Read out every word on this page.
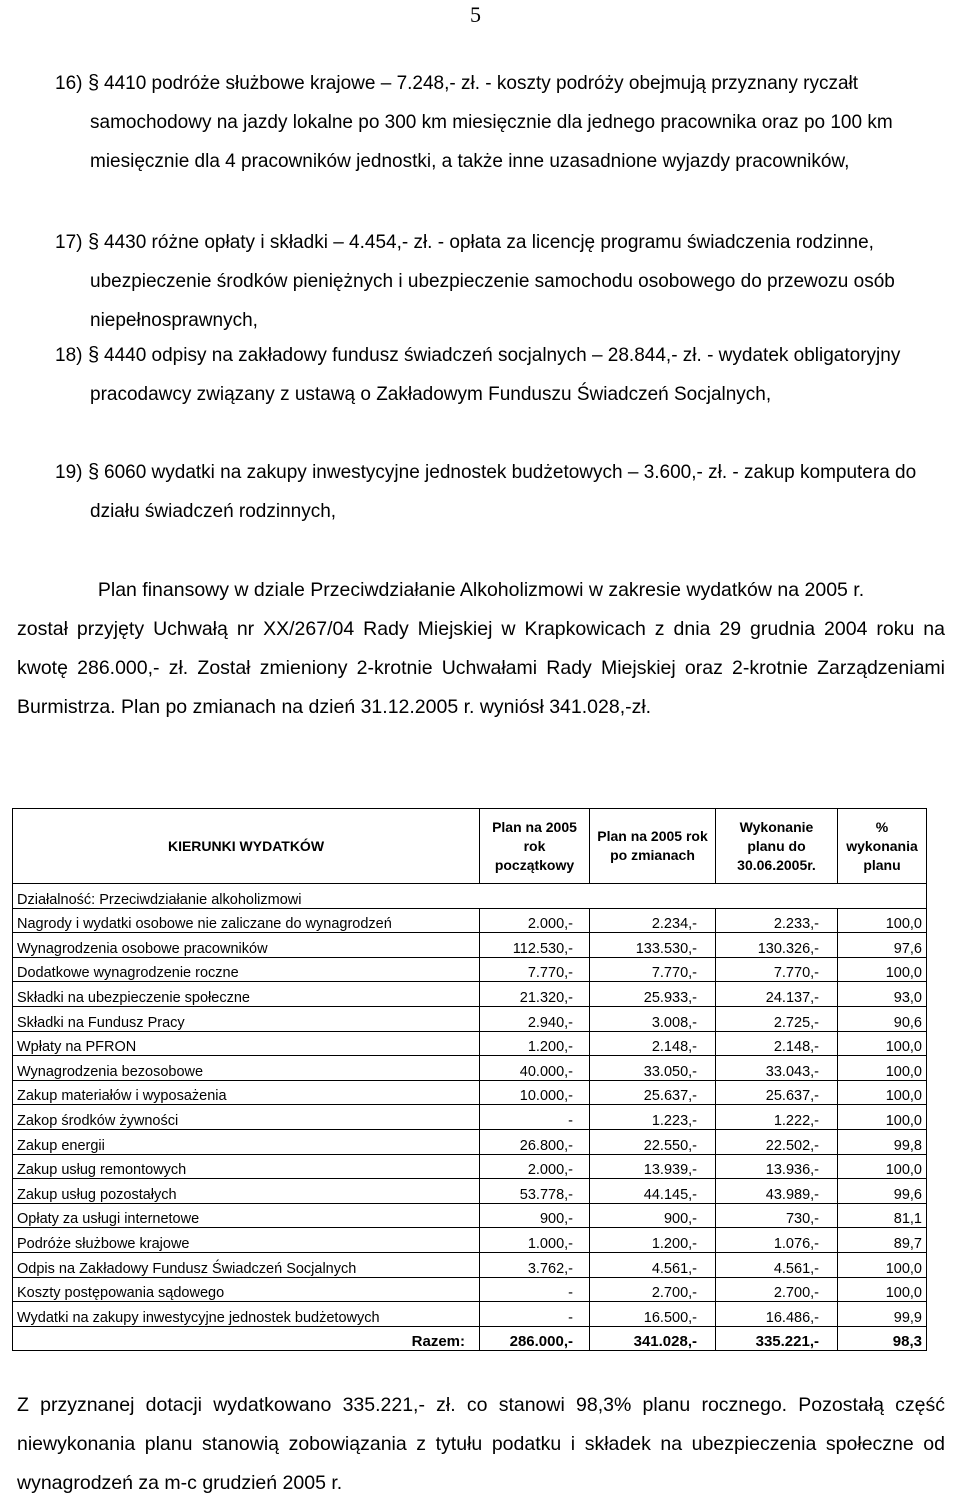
5
16) § 4410 podróże służbowe krajowe – 7.248,- zł. - koszty podróży obejmują przyznany ryczałt samochodowy na jazdy lokalne po 300 km miesięcznie dla jednego pracownika oraz po 100 km miesięcznie dla 4 pracowników jednostki, a także inne uzasadnione wyjazdy pracowników,
17) § 4430 różne opłaty i składki – 4.454,- zł. - opłata za licencję programu świadczenia rodzinne, ubezpieczenie środków pieniężnych i ubezpieczenie samochodu osobowego do przewozu osób niepełnosprawnych,
18) § 4440 odpisy na zakładowy fundusz świadczeń socjalnych – 28.844,- zł. - wydatek obligatoryjny pracodawcy związany z ustawą o Zakładowym Funduszu Świadczeń Socjalnych,
19) § 6060 wydatki na zakupy inwestycyjne jednostek budżetowych – 3.600,- zł. - zakup komputera do działu świadczeń rodzinnych,
Plan finansowy w dziale Przeciwdziałanie Alkoholizmowi w zakresie wydatków na 2005 r.
został przyjęty Uchwałą nr XX/267/04 Rady Miejskiej w Krapkowicach z dnia 29 grudnia 2004 roku na kwotę 286.000,- zł. Został zmieniony 2-krotnie Uchwałami Rady Miejskiej oraz 2-krotnie Zarządzeniami Burmistrza. Plan po zmianach na dzień 31.12.2005 r. wyniósł 341.028,-zł.
KIERUNKI WYDATKÓW	Plan na 2005 rok początkowy	Plan na 2005 rok po zmianach	Wykonanie planu do 30.06.2005r.	% wykonania planu
Działalność: Przeciwdziałanie alkoholizmowi				
Nagrody i wydatki osobowe nie zaliczane do wynagrodzeń	2.000,-	2.234,-	2.233,-	100,0
Wynagrodzenia osobowe pracowników	112.530,-	133.530,-	130.326,-	97,6
Dodatkowe wynagrodzenie roczne	7.770,-	7.770,-	7.770,-	100,0
Składki na ubezpieczenie społeczne	21.320,-	25.933,-	24.137,-	93,0
Składki na Fundusz Pracy	2.940,-	3.008,-	2.725,-	90,6
Wpłaty na PFRON	1.200,-	2.148,-	2.148,-	100,0
Wynagrodzenia bezosobowe	40.000,-	33.050,-	33.043,-	100,0
Zakup materiałów i wyposażenia	10.000,-	25.637,-	25.637,-	100,0
Zakop środków żywności	-	1.223,-	1.222,-	100,0
Zakup energii	26.800,-	22.550,-	22.502,-	99,8
Zakup usług remontowych	2.000,-	13.939,-	13.936,-	100,0
Zakup usług pozostałych	53.778,-	44.145,-	43.989,-	99,6
Opłaty za usługi internetowe	900,-	900,-	730,-	81,1
Podróże służbowe krajowe	1.000,-	1.200,-	1.076,-	89,7
Odpis na Zakładowy Fundusz Świadczeń Socjalnych	3.762,-	4.561,-	4.561,-	100,0
Koszty postępowania sądowego	-	2.700,-	2.700,-	100,0
Wydatki na zakupy inwestycyjne jednostek budżetowych	-	16.500,-	16.486,-	99,9
Razem:	286.000,-	341.028,-	335.221,-	98,3
Z przyznanej dotacji wydatkowano 335.221,- zł. co stanowi 98,3% planu rocznego. Pozostałą część niewykonania planu stanowią zobowiązania z tytułu podatku i składek na ubezpieczenia społeczne od wynagrodzeń za m-c grudzień 2005 r.
